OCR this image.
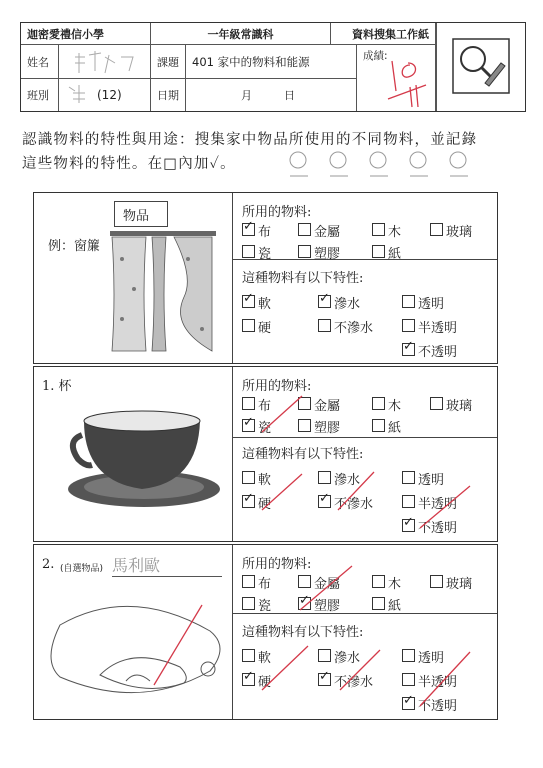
迦密愛禮信小學	一年級常識科	資料搜集工作紙
姓名	課題	401 家中的物料和能源
班別	(12)	日期	月	日
成績:
認識物料的特性與用途：搜集家中物品所使用的不同物料，並記錄
這些物料的特性。在□內加✓。
物品
例：窗簾
所用的物料:
這種物料有以下特性:
✓ 布	金屬	木	玻璃
瓷	塑膠	紙
✓ 軟	✓ 滲水	透明
硬	不滲水	半透明
✓ 不透明
1. 杯	所用的物料:
這種物料有以下特性:
布	金屬	木	玻璃
✓ 瓷	塑膠	紙
軟	滲水	透明
✓ 硬	✓ 不滲水	半透明
✓ 不透明
2. (自選物品) 馬利歐	所用的物料:
這種物料有以下特性:
布	金屬	木	玻璃
瓷 ✓ 塑膠	紙
軟	滲水	透明
✓ 硬	✓ 不滲水	半透明
✓ 不透明
